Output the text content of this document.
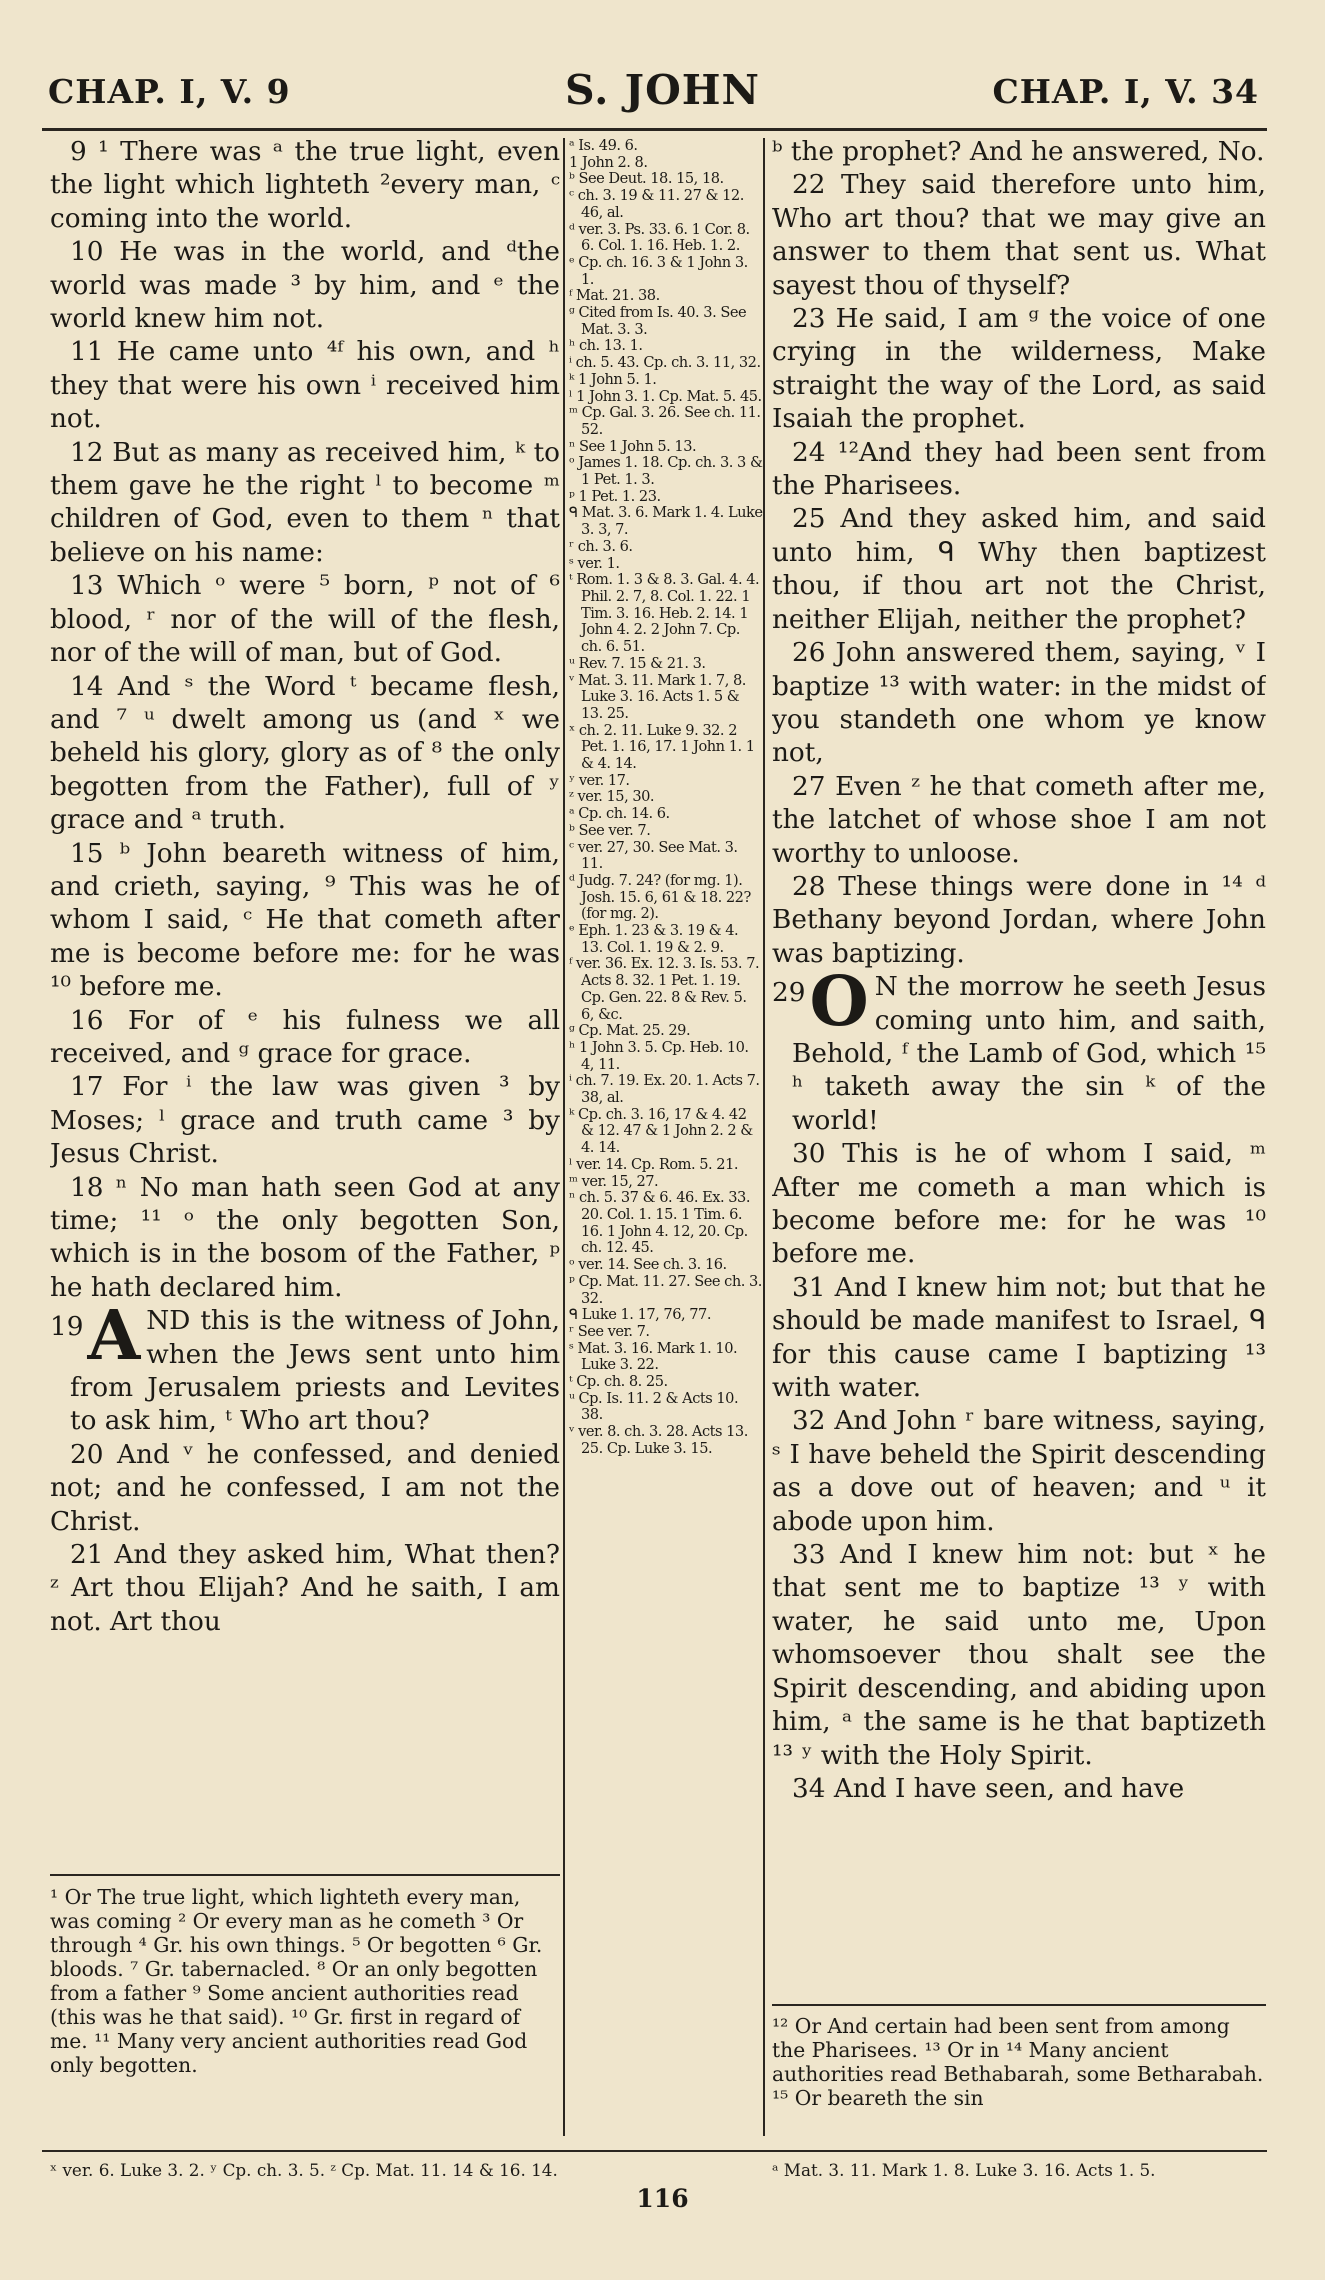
CHAP. I, V. 9	S. JOHN	CHAP. I, V. 34

9 ¹ There was ᵃ the true light, even the light which lighteth ²every man, ᶜ coming into the world.

10 He was in the world, and ᵈthe world was made ³ by him, and ᵉ the world knew him not.

11 He came unto ⁴ᶠ his own, and ʰ they that were his own ⁱ received him not.

12 But as many as received him, ᵏ to them gave he the right ˡ to become ᵐ children of God, even to them ⁿ that believe on his name:

13 Which ᵒ were ⁵ born, ᵖ not of ⁶ blood, ʳ nor of the will of the flesh, nor of the will of man, but of God.

14 And ˢ the Word ᵗ became flesh, and ⁷ ᵘ dwelt among us (and ˣ we beheld his glory, glory as of ⁸ the only begotten from the Father), full of ʸ grace and ᵃ truth.

15 ᵇ John beareth witness of him, and crieth, saying, ⁹ This was he of whom I said, ᶜ He that cometh after me is become before me: for he was ¹⁰ before me.

16 For of ᵉ his fulness we all received, and ᵍ grace for grace.

17 For ⁱ the law was given ³ by Moses; ˡ grace and truth came ³ by Jesus Christ.

18 ⁿ No man hath seen God at any time; ¹¹ ᵒ the only begotten Son, which is in the bosom of the Father, ᵖ he hath declared him.

19 A ND this is the witness of John, when the Jews sent unto him from Jerusalem priests and Levites to ask him, ᵗ Who art thou?

20 And ᵛ he confessed, and denied not; and he confessed, I am not the Christ.

21 And they asked him, What then? ᶻ Art thou Elijah? And he saith, I am not. Art thou

ᵃ Is. 49. 6.

1 John 2. 8.

ᵇ See Deut. 18. 15, 18.

ᶜ ch. 3. 19 & 11. 27 & 12. 46, al.

ᵈ ver. 3. Ps. 33. 6. 1 Cor. 8. 6. Col. 1. 16. Heb. 1. 2.

ᵉ Cp. ch. 16. 3 & 1 John 3. 1.

ᶠ Mat. 21. 38.

ᵍ Cited from Is. 40. 3. See Mat. 3. 3.

ʰ ch. 13. 1.

ⁱ ch. 5. 43. Cp. ch. 3. 11, 32.

ᵏ 1 John 5. 1.

ˡ 1 John 3. 1. Cp. Mat. 5. 45.

ᵐ Cp. Gal. 3. 26. See ch. 11. 52.

ⁿ See 1 John 5. 13.

ᵒ James 1. 18. Cp. ch. 3. 3 & 1 Pet. 1. 3.

ᵖ 1 Pet. 1. 23.

ᑫ Mat. 3. 6. Mark 1. 4. Luke 3. 3, 7.

ʳ ch. 3. 6.

ˢ ver. 1.

ᵗ Rom. 1. 3 & 8. 3. Gal. 4. 4. Phil. 2. 7, 8. Col. 1. 22. 1 Tim. 3. 16. Heb. 2. 14. 1 John 4. 2. 2 John 7. Cp. ch. 6. 51.

ᵘ Rev. 7. 15 & 21. 3.

ᵛ Mat. 3. 11. Mark 1. 7, 8. Luke 3. 16. Acts 1. 5 & 13. 25.

ˣ ch. 2. 11. Luke 9. 32. 2 Pet. 1. 16, 17. 1 John 1. 1 & 4. 14.

ʸ ver. 17.

ᶻ ver. 15, 30.

ᵃ Cp. ch. 14. 6.

ᵇ See ver. 7.

ᶜ ver. 27, 30. See Mat. 3. 11.

ᵈ Judg. 7. 24? (for mg. 1). Josh. 15. 6, 61 & 18. 22? (for mg. 2).

ᵉ Eph. 1. 23 & 3. 19 & 4. 13. Col. 1. 19 & 2. 9.

ᶠ ver. 36. Ex. 12. 3. Is. 53. 7. Acts 8. 32. 1 Pet. 1. 19. Cp. Gen. 22. 8 & Rev. 5. 6, &c.

ᵍ Cp. Mat. 25. 29.

ʰ 1 John 3. 5. Cp. Heb. 10. 4, 11.

ⁱ ch. 7. 19. Ex. 20. 1. Acts 7. 38, al.

ᵏ Cp. ch. 3. 16, 17 & 4. 42 & 12. 47 & 1 John 2. 2 & 4. 14.

ˡ ver. 14. Cp. Rom. 5. 21.

ᵐ ver. 15, 27.

ⁿ ch. 5. 37 & 6. 46. Ex. 33. 20. Col. 1. 15. 1 Tim. 6. 16. 1 John 4. 12, 20. Cp. ch. 12. 45.

ᵒ ver. 14. See ch. 3. 16.

ᵖ Cp. Mat. 11. 27. See ch. 3. 32.

ᑫ Luke 1. 17, 76, 77.

ʳ See ver. 7.

ˢ Mat. 3. 16. Mark 1. 10. Luke 3. 22.

ᵗ Cp. ch. 8. 25.

ᵘ Cp. Is. 11. 2 & Acts 10. 38.

ᵛ ver. 8. ch. 3. 28. Acts 13. 25. Cp. Luke 3. 15.

ᵇ the prophet? And he answered, No.

22 They said therefore unto him, Who art thou? that we may give an answer to them that sent us. What sayest thou of thyself?

23 He said, I am ᵍ the voice of one crying in the wilderness, Make straight the way of the Lord, as said Isaiah the prophet.

24 ¹²And they had been sent from the Pharisees.

25 And they asked him, and said unto him, ᑫ Why then baptizest thou, if thou art not the Christ, neither Elijah, neither the prophet?

26 John answered them, saying, ᵛ I baptize ¹³ with water: in the midst of you standeth one whom ye know not,

27 Even ᶻ he that cometh after me, the latchet of whose shoe I am not worthy to unloose.

28 These things were done in ¹⁴ ᵈ Bethany beyond Jordan, where John was baptizing.

29 O N the morrow he seeth Jesus coming unto him, and saith, Behold, ᶠ the Lamb of God, which ¹⁵ ʰ taketh away the sin ᵏ of the world!

30 This is he of whom I said, ᵐ After me cometh a man which is become before me: for he was ¹⁰ before me.

31 And I knew him not; but that he should be made manifest to Israel, ᑫ for this cause came I baptizing ¹³ with water.

32 And John ʳ bare witness, saying, ˢ I have beheld the Spirit descending as a dove out of heaven; and ᵘ it abode upon him.

33 And I knew him not: but ˣ he that sent me to baptize ¹³ ʸ with water, he said unto me, Upon whomsoever thou shalt see the Spirit descending, and abiding upon him, ᵃ the same is he that baptizeth ¹³ ʸ with the Holy Spirit.

34 And I have seen, and have

¹ Or The true light, which lighteth every man, was coming ² Or every man as he cometh ³ Or through ⁴ Gr. his own things. ⁵ Or begotten ⁶ Gr. bloods. ⁷ Gr. tabernacled. ⁸ Or an only begotten from a father ⁹ Some ancient authorities read (this was he that said). ¹⁰ Gr. first in regard of me. ¹¹ Many very ancient authorities read God only begotten.
¹² Or And certain had been sent from among the Pharisees. ¹³ Or in ¹⁴ Many ancient authorities read Bethabarah, some Betharabah. ¹⁵ Or beareth the sin
ˣ ver. 6. Luke 3. 2. ʸ Cp. ch. 3. 5. ᶻ Cp. Mat. 11. 14 & 16. 14.	ᵃ Mat. 3. 11. Mark 1. 8. Luke 3. 16. Acts 1. 5.
116
